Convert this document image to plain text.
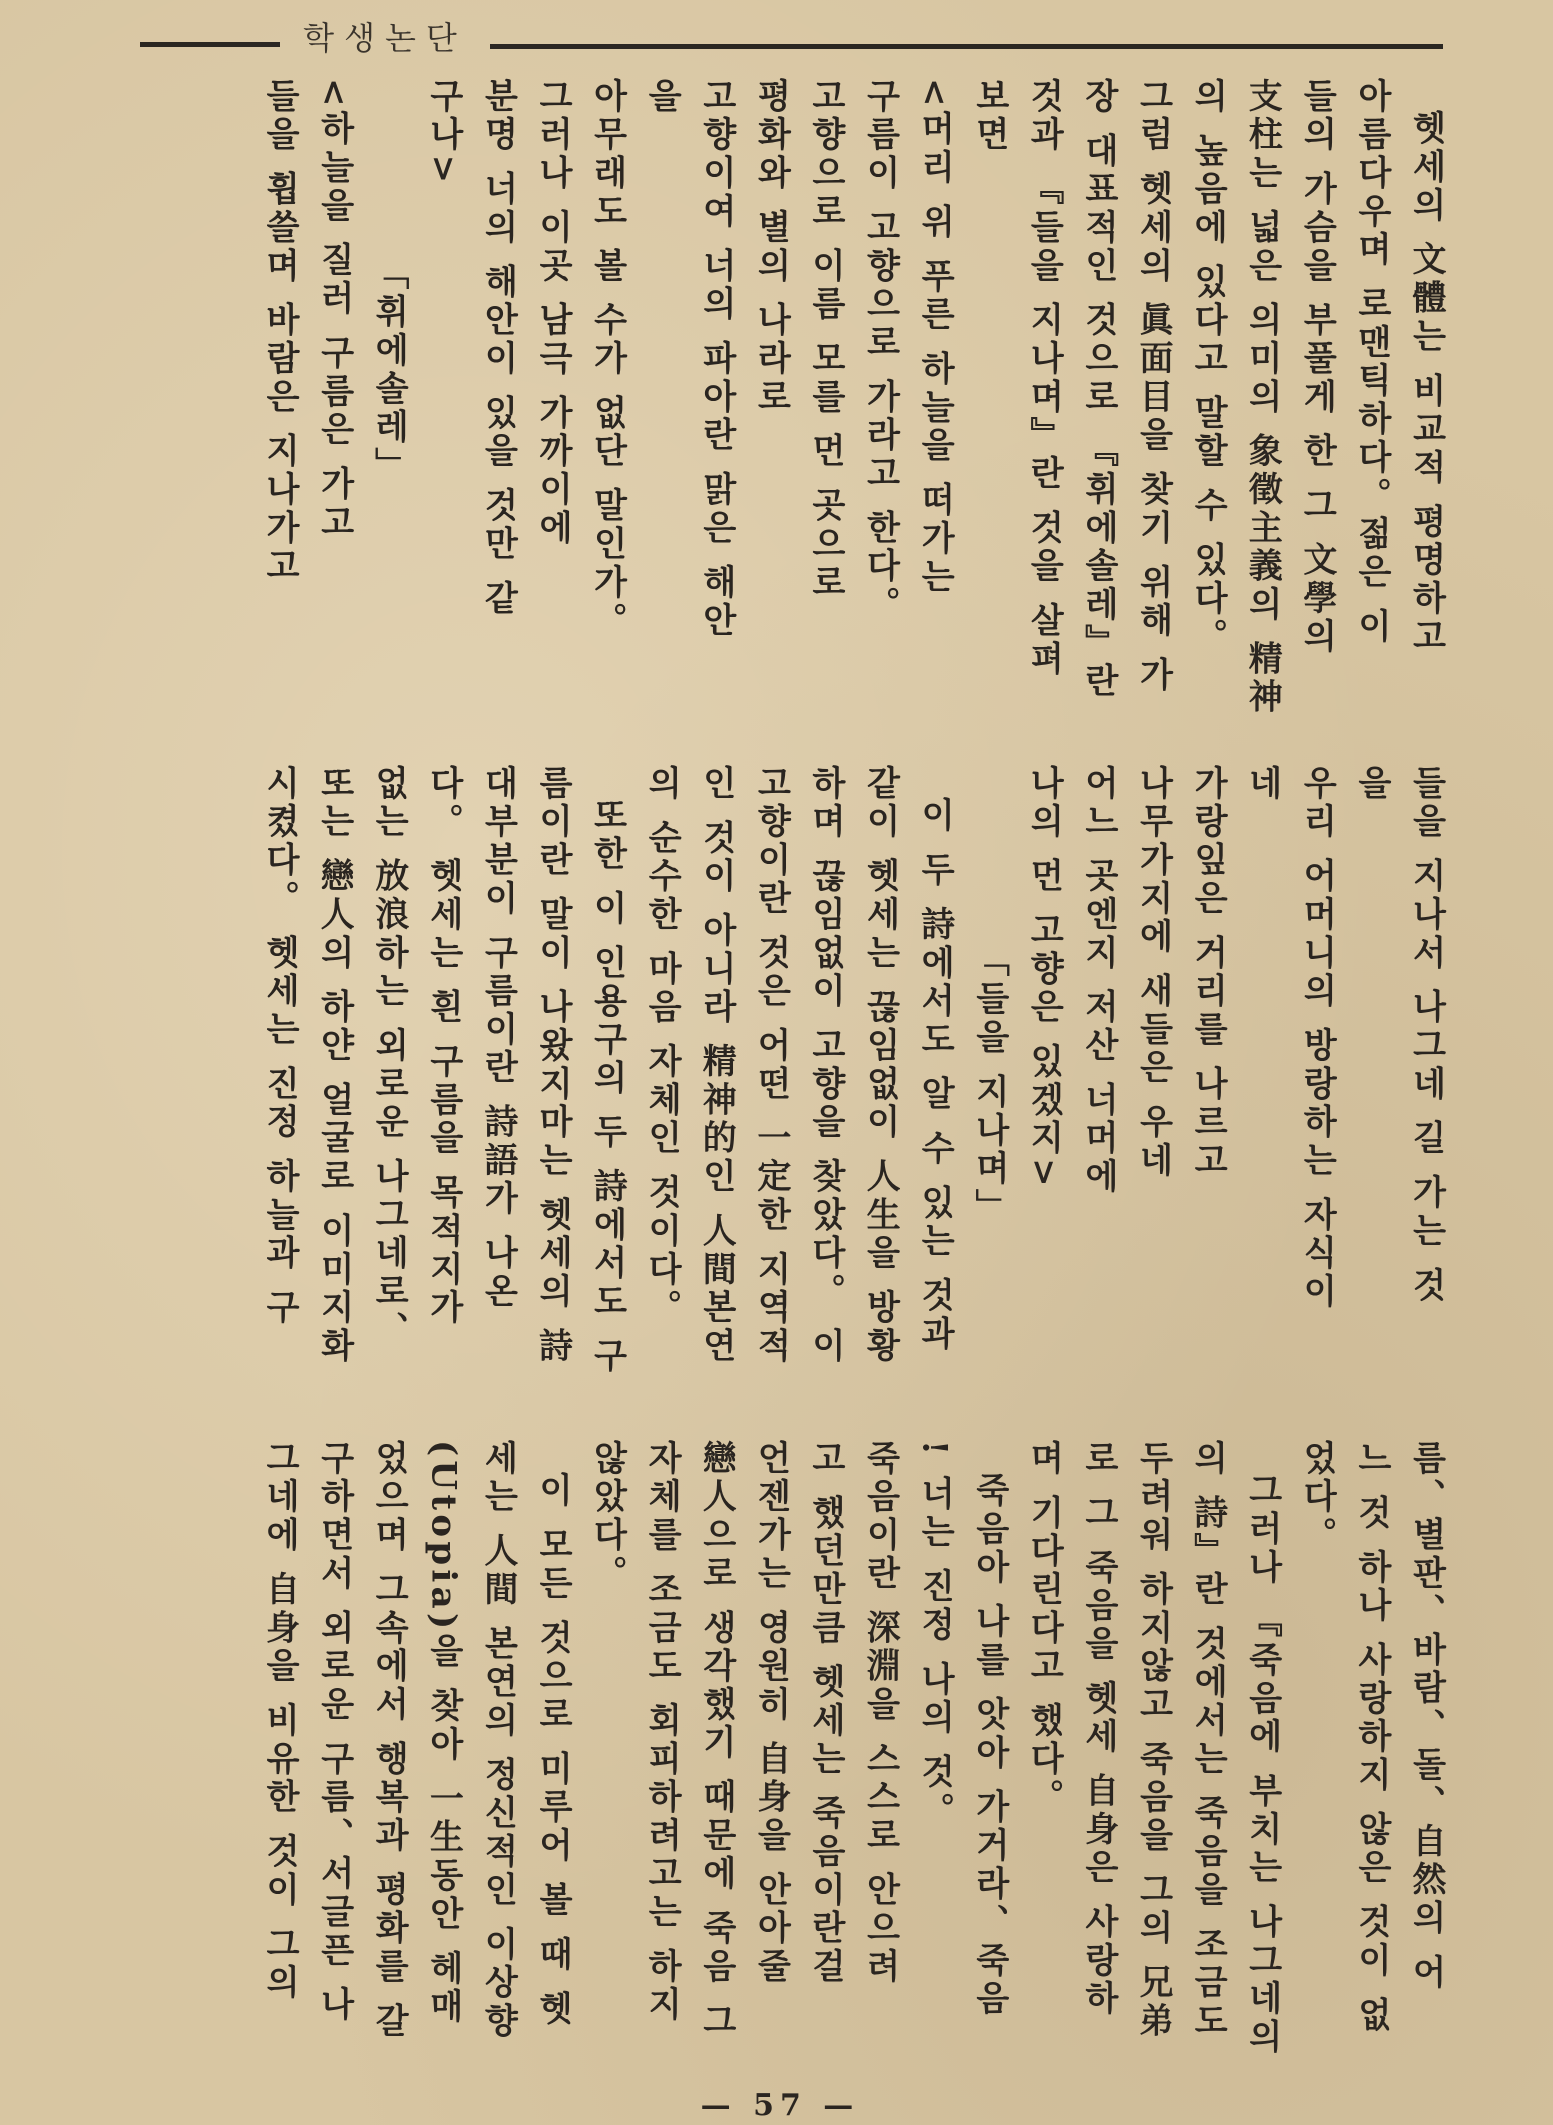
학생논단
헷세의 文體는 비교적 평명하고
아름다우며 로맨틱하다。젊은 이
들의 가슴을 부풀게 한 그 文學의
支柱는 넓은 의미의 象徵主義의 精神
의 높음에 있다고 말할 수 있다。
그럼 헷세의 眞面目을 찾기 위해 가
장 대표적인 것으로 『휘에솔레』란
것과 『들을 지나며』란 것을 살펴
보면
<머리 위 푸른 하늘을 떠가는
구름이 고향으로 가라고 한다。
고향으로 이름 모를 먼 곳으로
평화와 별의 나라로
고향이여 너의 파아란 맑은 해안
을
아무래도 볼 수가 없단 말인가。
그러나 이곳 남극 가까이에
분명 너의 해안이 있을 것만 같
구나>
「휘에솔레」
<하늘을 질러 구름은 가고
들을 휩쓸며 바람은 지나가고
들을 지나서 나그네 길 가는 것
을
우리 어머니의 방랑하는 자식이
네
가랑잎은 거리를 나르고
나무가지에 새들은 우네
어느 곳엔지 저산 너머에
나의 먼 고향은 있겠지>
「들을 지나며」
이 두 詩에서도 알 수 있는 것과
같이 헷세는 끊임없이 人生을 방황
하며 끊임없이 고향을 찾았다。 이
고향이란 것은 어떤 一定한 지역적
인 것이 아니라 精神的인 人間본연
의 순수한 마음 자체인 것이다。
또한 이 인용구의 두 詩에서도 구
름이란 말이 나왔지마는 헷세의 詩
대부분이 구름이란 詩語가 나온
다。 헷세는 흰 구름을 목적지가
없는 放浪하는 외로운 나그네로、
또는 戀人의 하얀 얼굴로 이미지화
시켰다。 헷세는 진정 하늘과 구
름、별판、바람、돌、自然의 어
느 것 하나 사랑하지 않은 것이 없
었다。
그러나 『죽음에 부치는 나그네의
의 詩』란 것에서는 죽음을 조금도
두려워 하지않고 죽음을 그의 兄弟
로 그 죽음을 헷세 自身은 사랑하
며 기다린다고 했다。
죽음아 나를 앗아 가거라、죽음
! 너는 진정 나의 것。
죽음이란 深淵을 스스로 안으려
고 했던만큼 헷세는 죽음이란걸
언젠가는 영원히 自身을 안아줄
戀人으로 생각했기 때문에 죽음 그
자체를 조금도 회피하려고는 하지
않았다。
이 모든 것으로 미루어 볼 때 헷
세는 人間 본연의 정신적인 이상향
(Utopia)을 찾아 一生동안 헤매
었으며 그속에서 행복과 평화를 갈
구하면서 외로운 구름、서글픈 나
그네에 自身을 비유한 것이 그의
— 57 —
